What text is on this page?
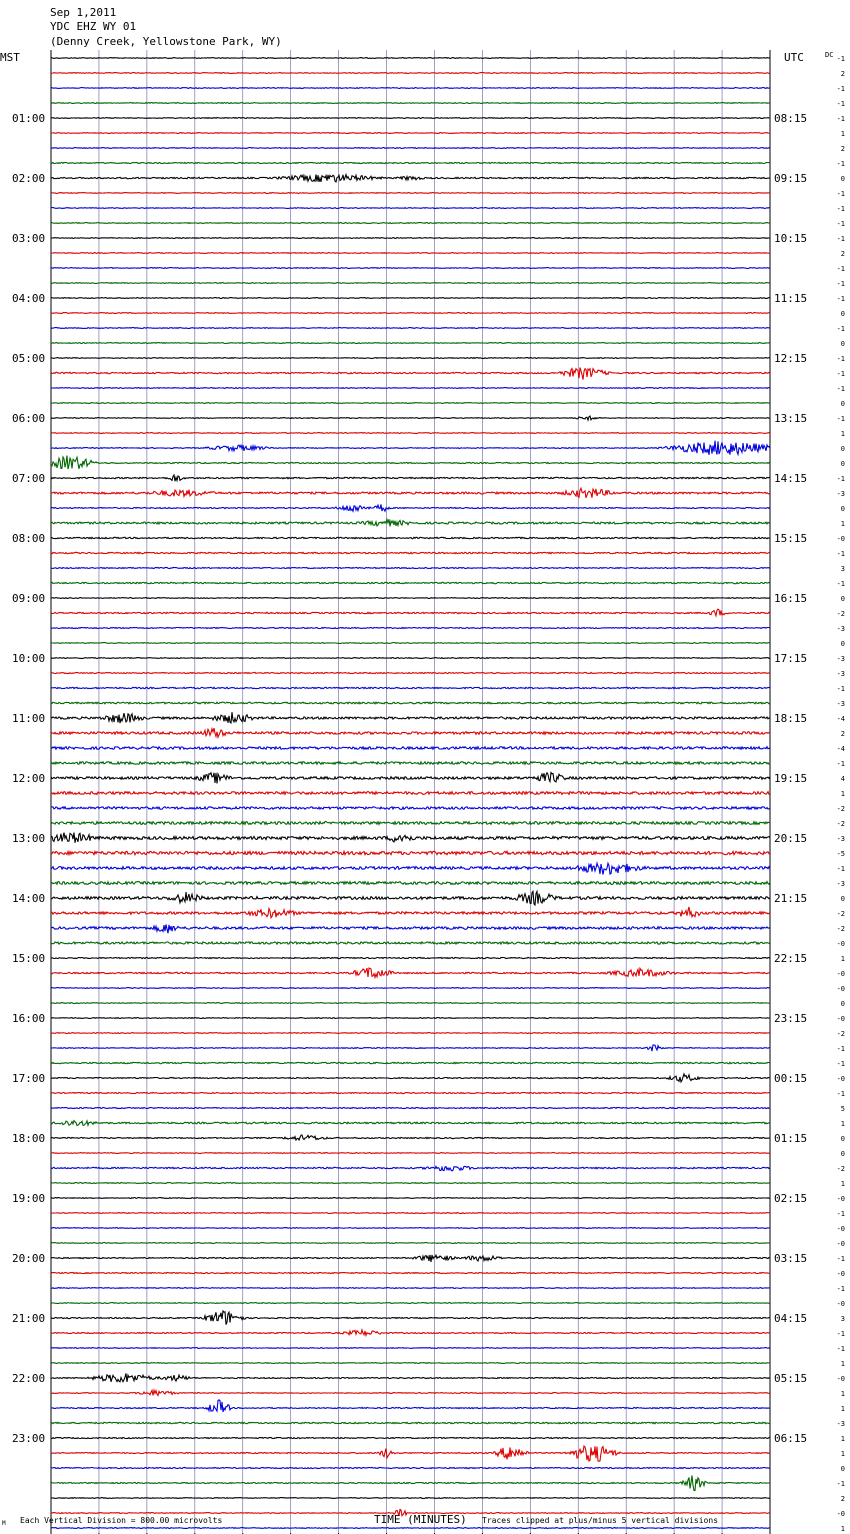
Sep 1,2011
YDC EHZ WY 01
(Denny Creek, Yellowstone Park, WY)
MST	UTC	DC
01:00
02:00
03:00
04:00
05:00
06:00
07:00
08:00
09:00
10:00
11:00
12:00
13:00
14:00
15:00
16:00
17:00
18:00
19:00
20:00
21:00
22:00
23:00
08:15
09:15
10:15
11:15
12:15
13:15
14:15
15:15
16:15
17:15
18:15
19:15
20:15
21:15
22:15
23:15
00:15
01:15
02:15
03:15
04:15
05:15
06:15
-1
2
-1
-1
-1
1
2
-1
0
-1
-1
-1
-1
2
-1
-1
-1
0
-1
0
-1
-1
-1
0
-1
1
0
0
-1
-3
0
1
-0
-1
3
-1
0
-2
-3
0
-3
-3
-1
-3
-4
2
-4
-1
4
1
-2
-2
-3
-5
-1
-3
0
-2
-2
-0
1
-0
-0
0
-0
-2
-1
-1
-0
-1
5
1
0
0
-2
1
-0
-1
-0
-0
-1
-0
-1
-0
3
-1
-1
1
-0
1
1
-3
1
1
0
-1
2
-0
1
TIME (MINUTES)
Each Vertical Division = 800.00 microvolts	Traces clipped at plus/minus 5 vertical divisions
M
